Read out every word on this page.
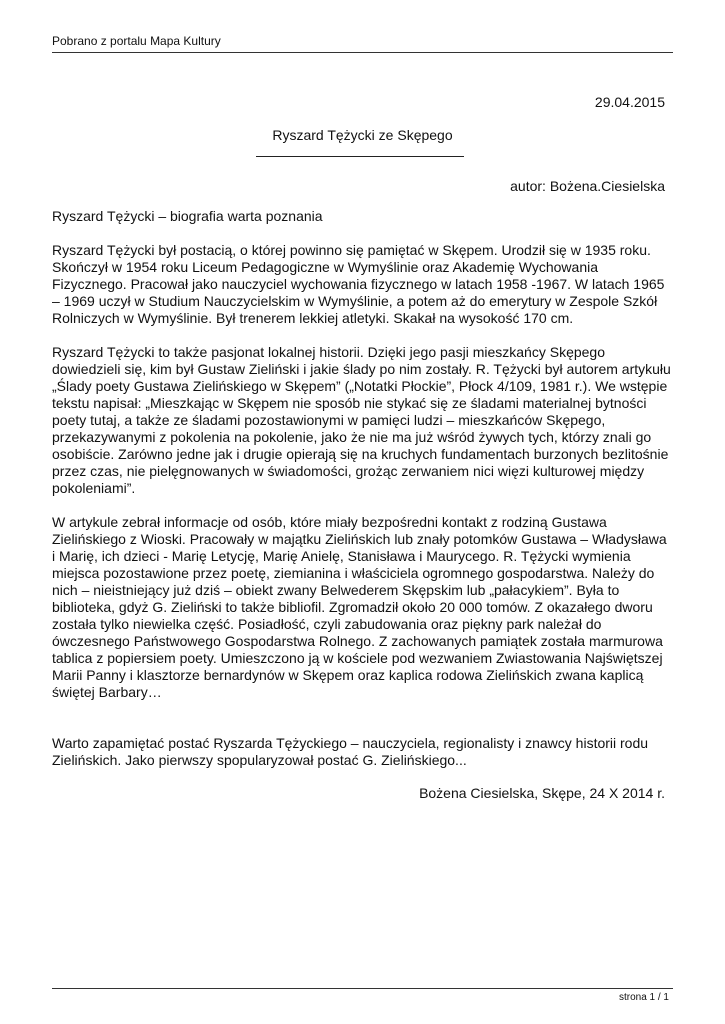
Pobrano z portalu Mapa Kultury
29.04.2015
Ryszard Tężycki ze Skępego
autor: Bożena.Ciesielska

Ryszard Tężycki – biografia warta poznania

Ryszard Tężycki był postacią, o której powinno się pamiętać w Skępem. Urodził się w 1935 roku. Skończył w 1954 roku Liceum Pedagogiczne w Wymyślinie oraz Akademię Wychowania Fizycznego. Pracował jako nauczyciel wychowania fizycznego w latach 1958 -1967. W latach 1965 – 1969 uczył w Studium Nauczycielskim w Wymyślinie, a potem aż do emerytury w Zespole Szkół Rolniczych w Wymyślinie. Był trenerem lekkiej atletyki. Skakał na wysokość 170 cm.

Ryszard Tężycki to także pasjonat lokalnej historii. Dzięki jego pasji mieszkańcy Skępego dowiedzieli się, kim był Gustaw Zieliński i jakie ślady po nim zostały. R. Tężycki był autorem artykułu „Ślady poety Gustawa Zielińskiego w Skępem” („Notatki Płockie”, Płock 4/109, 1981 r.). We wstępie tekstu napisał: „Mieszkając w Skępem nie sposób nie stykać się ze śladami materialnej bytności poety tutaj, a także ze śladami pozostawionymi w pamięci ludzi – mieszkańców Skępego, przekazywanymi z pokolenia na pokolenie, jako że nie ma już wśród żywych tych, którzy znali go osobiście. Zarówno jedne jak i drugie opierają się na kruchych fundamentach burzonych bezlitośnie przez czas, nie pielęgnowanych w świadomości, grożąc zerwaniem nici więzi kulturowej między pokoleniami”.

W artykule zebrał informacje od osób, które miały bezpośredni kontakt z rodziną Gustawa Zielińskiego z Wioski. Pracowały w majątku Zielińskich lub znały potomków Gustawa – Władysława i Marię, ich dzieci - Marię Letycję, Marię Anielę, Stanisława i Maurycego. R. Tężycki wymienia miejsca pozostawione przez poetę, ziemianina i właściciela ogromnego gospodarstwa. Należy do nich – nieistniejący już dziś – obiekt zwany Belwederem Skępskim lub „pałacykiem”. Była to biblioteka, gdyż G. Zieliński to także bibliofil. Zgromadził około 20 000 tomów. Z okazałego dworu została tylko niewielka część. Posiadłość, czyli zabudowania oraz piękny park należał do ówczesnego Państwowego Gospodarstwa Rolnego. Z zachowanych pamiątek została marmurowa tablica z popiersiem poety. Umieszczono ją w kościele pod wezwaniem Zwiastowania Najświętszej Marii Panny i klasztorze bernardynów w Skępem oraz kaplica rodowa Zielińskich zwana kaplicą świętej Barbary…

Warto zapamiętać postać Ryszarda Tężyckiego – nauczyciela, regionalisty i znawcy historii rodu Zielińskich. Jako pierwszy spopularyzował postać G. Zielińskiego...

Bożena Ciesielska, Skępe, 24 X 2014 r.

strona 1 / 1
